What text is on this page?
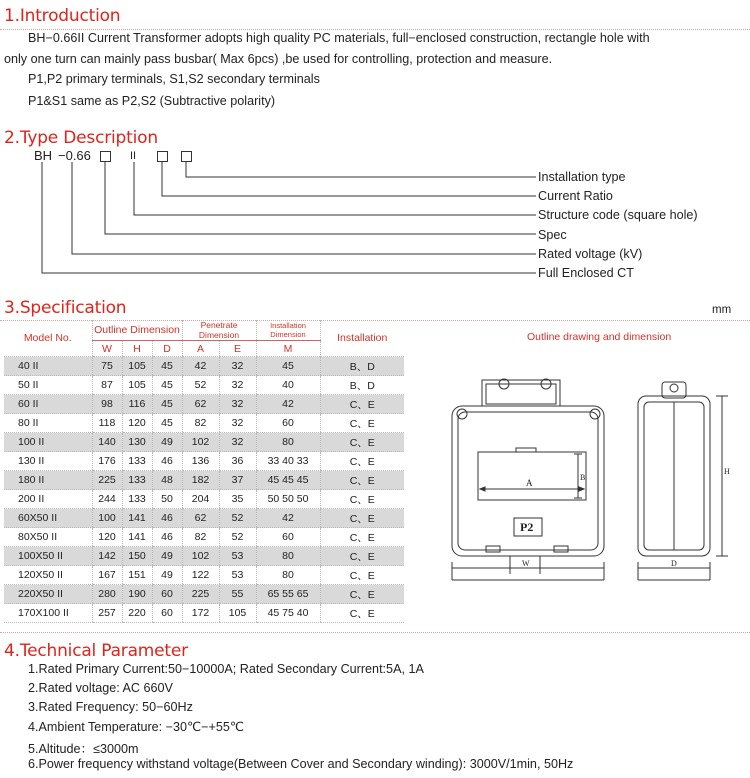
1.Introduction
BH−0.66II Current Transformer adopts high quality PC materials, full−enclosed construction, rectangle hole with
only one turn can mainly pass busbar( Max 6pcs) ,be used for controlling, protection and measure.
P1,P2 primary terminals, S1,S2 secondary terminals
P1&S1 same as P2,S2 (Subtractive polarity)
2.Type Description
BH −0.66	II
Installation type
Current Ratio
Structure code (square hole)
Spec
Rated voltage (kV)
Full Enclosed CT
3.Specification	mm
Model No.	Outline Dimension			Penetrate Dimension		Installation Dimension	Installation
	W	H	D	A	E	M	
40 II	75	105	45	42	32	45	B、D
50 II	87	105	45	52	32	40	B、D
60 II	98	116	45	62	32	42	C、E
80 II	118	120	45	82	32	60	C、E
100 II	140	130	49	102	32	80	C、E
130 II	176	133	46	136	36	33 40 33	C、E
180 II	225	133	48	182	37	45 45 45	C、E
200 II	244	133	50	204	35	50 50 50	C、E
60X50 II	100	141	46	62	52	42	C、E
80X50 II	120	141	46	82	52	60	C、E
100X50 II	142	150	49	102	53	80	C、E
120X50 II	167	151	49	122	53	80	C、E
220X50 II	280	190	60	225	55	65 55 65	C、E
170X100 II	257	220	60	172	105	45 75 40	C、E
Outline drawing and dimension
A
B
P2
W
H
D
4.Technical Parameter
1.Rated Primary Current:50−10000A; Rated Secondary Current:5A, 1A
2.Rated voltage: AC 660V
3.Rated Frequency: 50−60Hz
4.Ambient Temperature: −30℃−+55℃
5.Altitude：≤3000m
6.Power frequency withstand voltage(Between Cover and Secondary winding): 3000V/1min, 50Hz
